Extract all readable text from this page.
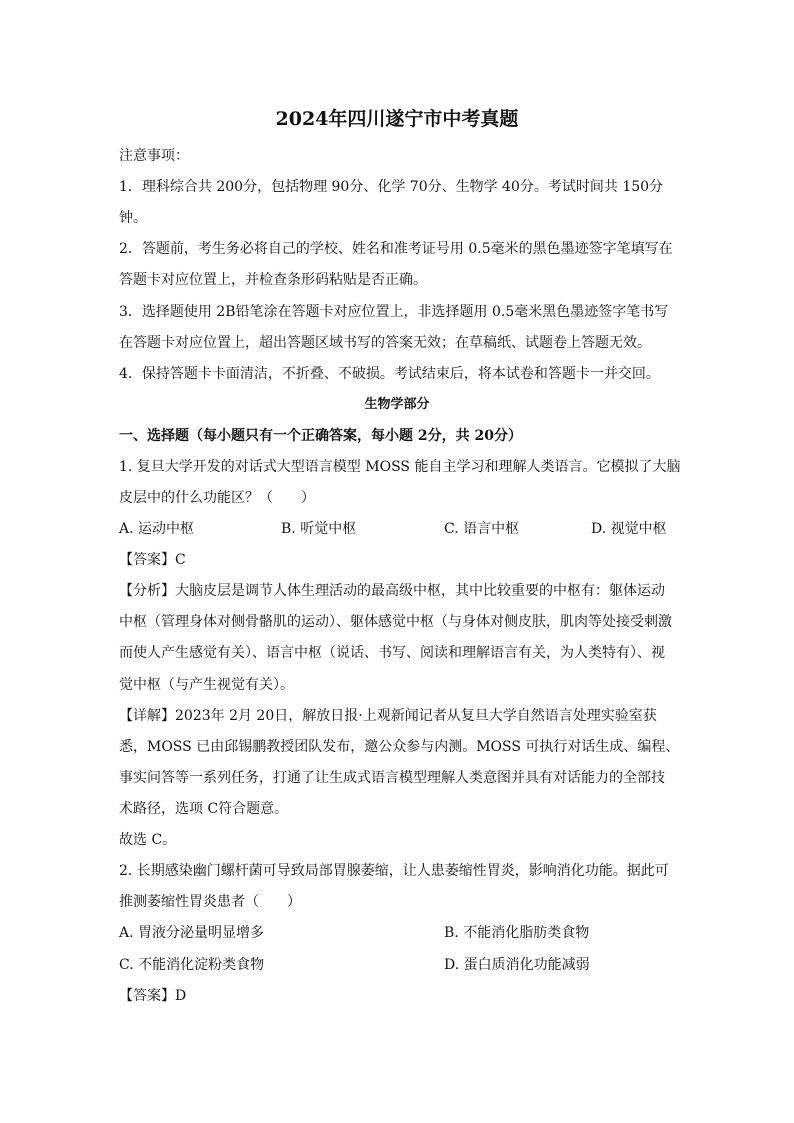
2024年四川遂宁市中考真题
注意事项：
1．理科综合共 200分，包括物理 90分、化学 70分、生物学 40分。考试时间共 150分
钟。
2．答题前，考生务必将自己的学校、姓名和准考证号用 0.5毫米的黑色墨迹签字笔填写在
答题卡对应位置上，并检查条形码粘贴是否正确。
3．选择题使用 2B铅笔涂在答题卡对应位置上，非选择题用 0.5毫米黑色墨迹签字笔书写
在答题卡对应位置上，超出答题区域书写的答案无效；在草稿纸、试题卷上答题无效。
4．保持答题卡卡面清洁，不折叠、不破损。考试结束后，将本试卷和答题卡一并交回。
生物学部分
一、选择题（每小题只有一个正确答案，每小题 2分，共 20分）
1. 复旦大学开发的对话式大型语言模型 MOSS 能自主学习和理解人类语言。它模拟了大脑
皮层中的什么功能区？（　　）
A. 运动中枢	B. 听觉中枢	C. 语言中枢	D. 视觉中枢
【答案】C
【分析】大脑皮层是调节人体生理活动的最高级中枢，其中比较重要的中枢有：躯体运动
中枢（管理身体对侧骨骼肌的运动）、躯体感觉中枢（与身体对侧皮肤，肌肉等处接受刺激
而使人产生感觉有关）、语言中枢（说话、书写、阅读和理解语言有关，为人类特有）、视
觉中枢（与产生视觉有关）。
【详解】2023年 2月 20日，解放日报·上观新闻记者从复旦大学自然语言处理实验室获
悉，MOSS 已由邱锡鹏教授团队发布，邀公众参与内测。MOSS 可执行对话生成、编程、
事实问答等一系列任务，打通了让生成式语言模型理解人类意图并具有对话能力的全部技
术路径，选项 C符合题意。
故选 C。
2. 长期感染幽门螺杆菌可导致局部胃腺萎缩，让人患萎缩性胃炎，影响消化功能。据此可
推测萎缩性胃炎患者（　　）
A. 胃液分泌量明显增多	B. 不能消化脂肪类食物
C. 不能消化淀粉类食物	D. 蛋白质消化功能减弱
【答案】D
